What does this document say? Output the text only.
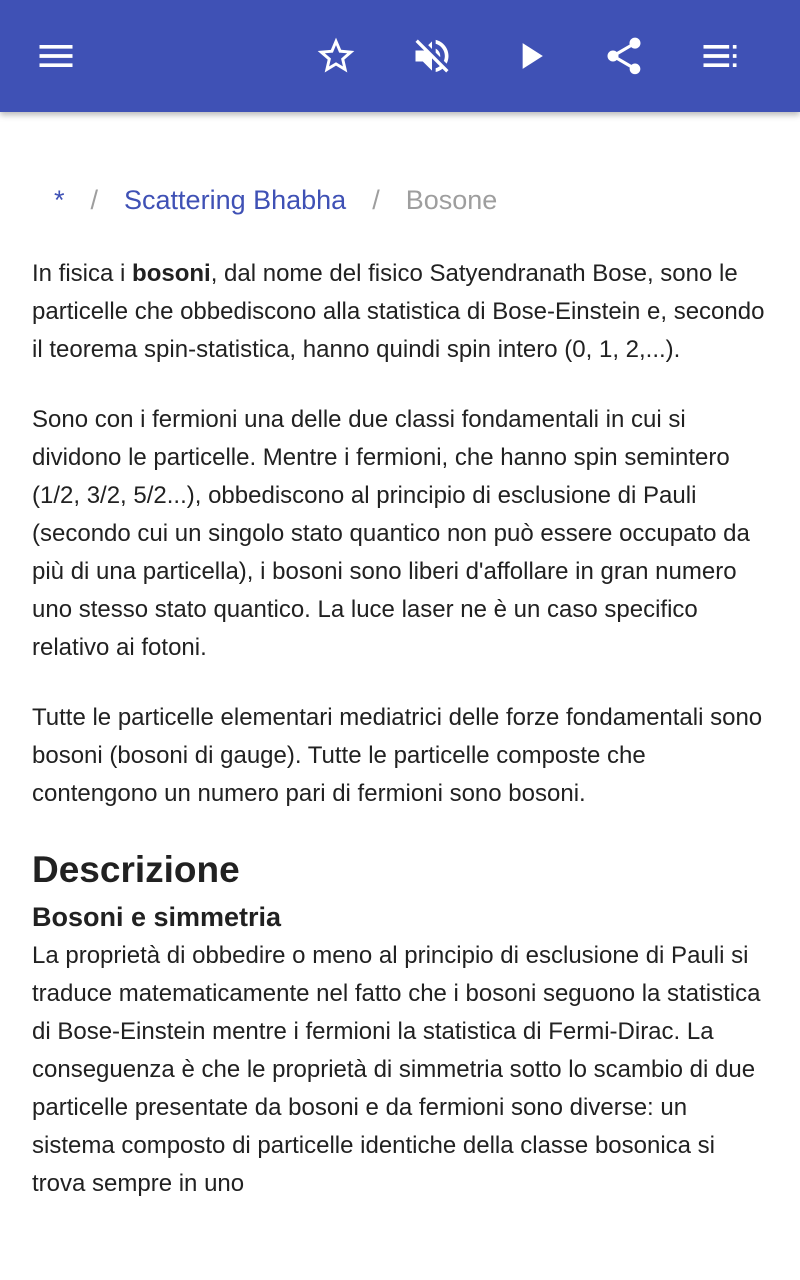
* / Scattering Bhabha / Bosone

In fisica i bosoni, dal nome del fisico Satyendranath Bose, sono le particelle che obbediscono alla statistica di Bose-Einstein e, secondo il teorema spin-statistica, hanno quindi spin intero (0, 1, 2,...).

Sono con i fermioni una delle due classi fondamentali in cui si dividono le particelle. Mentre i fermioni, che hanno spin semintero (1/2, 3/2, 5/2...), obbediscono al principio di esclusione di Pauli (secondo cui un singolo stato quantico non può essere occupato da più di una particella), i bosoni sono liberi d'affollare in gran numero uno stesso stato quantico. La luce laser ne è un caso specifico relativo ai fotoni.

Tutte le particelle elementari mediatrici delle forze fondamentali sono bosoni (bosoni di gauge). Tutte le particelle composte che contengono un numero pari di fermioni sono bosoni.

Descrizione
Bosoni e simmetria

La proprietà di obbedire o meno al principio di esclusione di Pauli si traduce matematicamente nel fatto che i bosoni seguono la statistica di Bose-Einstein mentre i fermioni la statistica di Fermi-Dirac. La conseguenza è che le proprietà di simmetria sotto lo scambio di due particelle presentate da bosoni e da fermioni sono diverse: un sistema composto di particelle identiche della classe bosonica si trova sempre in uno
